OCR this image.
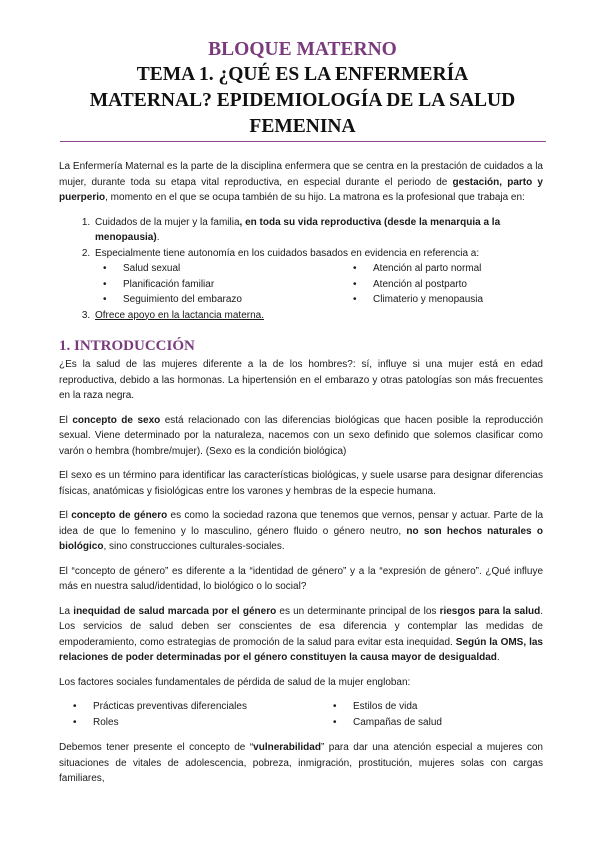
BLOQUE MATERNO
TEMA 1. ¿QUÉ ES LA ENFERMERÍA
MATERNAL? EPIDEMIOLOGÍA DE LA SALUD
FEMENINA

La Enfermería Maternal es la parte de la disciplina enfermera que se centra en la prestación de cuidados a la mujer, durante toda su etapa vital reproductiva, en especial durante el periodo de gestación, parto y puerperio, momento en el que se ocupa también de su hijo. La matrona es la profesional que trabaja en:

1. Cuidados de la mujer y la familia, en toda su vida reproductiva (desde la menarquia a la menopausia).
2. Especialmente tiene autonomía en los cuidados basados en evidencia en referencia a:
• Salud sexual	• Atención al parto normal
• Planificación familiar	• Atención al postparto
• Seguimiento del embarazo	• Climaterio y menopausia
3. Ofrece apoyo en la lactancia materna.
1. INTRODUCCIÓN

¿Es la salud de las mujeres diferente a la de los hombres?: sí, influye si una mujer está en edad reproductiva, debido a las hormonas. La hipertensión en el embarazo y otras patologías son más frecuentes en la raza negra.

El concepto de sexo está relacionado con las diferencias biológicas que hacen posible la reproducción sexual. Viene determinado por la naturaleza, nacemos con un sexo definido que solemos clasificar como varón o hembra (hombre/mujer). (Sexo es la condición biológica)

El sexo es un término para identificar las características biológicas, y suele usarse para designar diferencias físicas, anatómicas y fisiológicas entre los varones y hembras de la especie humana.

El concepto de género es como la sociedad razona que tenemos que vernos, pensar y actuar. Parte de la idea de que lo femenino y lo masculino, género fluido o género neutro, no son hechos naturales o biológico, sino construcciones culturales-sociales.

El “concepto de género” es diferente a la “identidad de género” y a la “expresión de género”. ¿Qué influye más en nuestra salud/identidad, lo biológico o lo social?

La inequidad de salud marcada por el género es un determinante principal de los riesgos para la salud. Los servicios de salud deben ser conscientes de esa diferencia y contemplar las medidas de empoderamiento, como estrategias de promoción de la salud para evitar esta inequidad. Según la OMS, las relaciones de poder determinadas por el género constituyen la causa mayor de desigualdad.

Los factores sociales fundamentales de pérdida de salud de la mujer engloban:

• Prácticas preventivas diferenciales	• Estilos de vida
• Roles	• Campañas de salud

Debemos tener presente el concepto de “vulnerabilidad” para dar una atención especial a mujeres con situaciones de vitales de adolescencia, pobreza, inmigración, prostitución, mujeres solas con cargas familiares,
